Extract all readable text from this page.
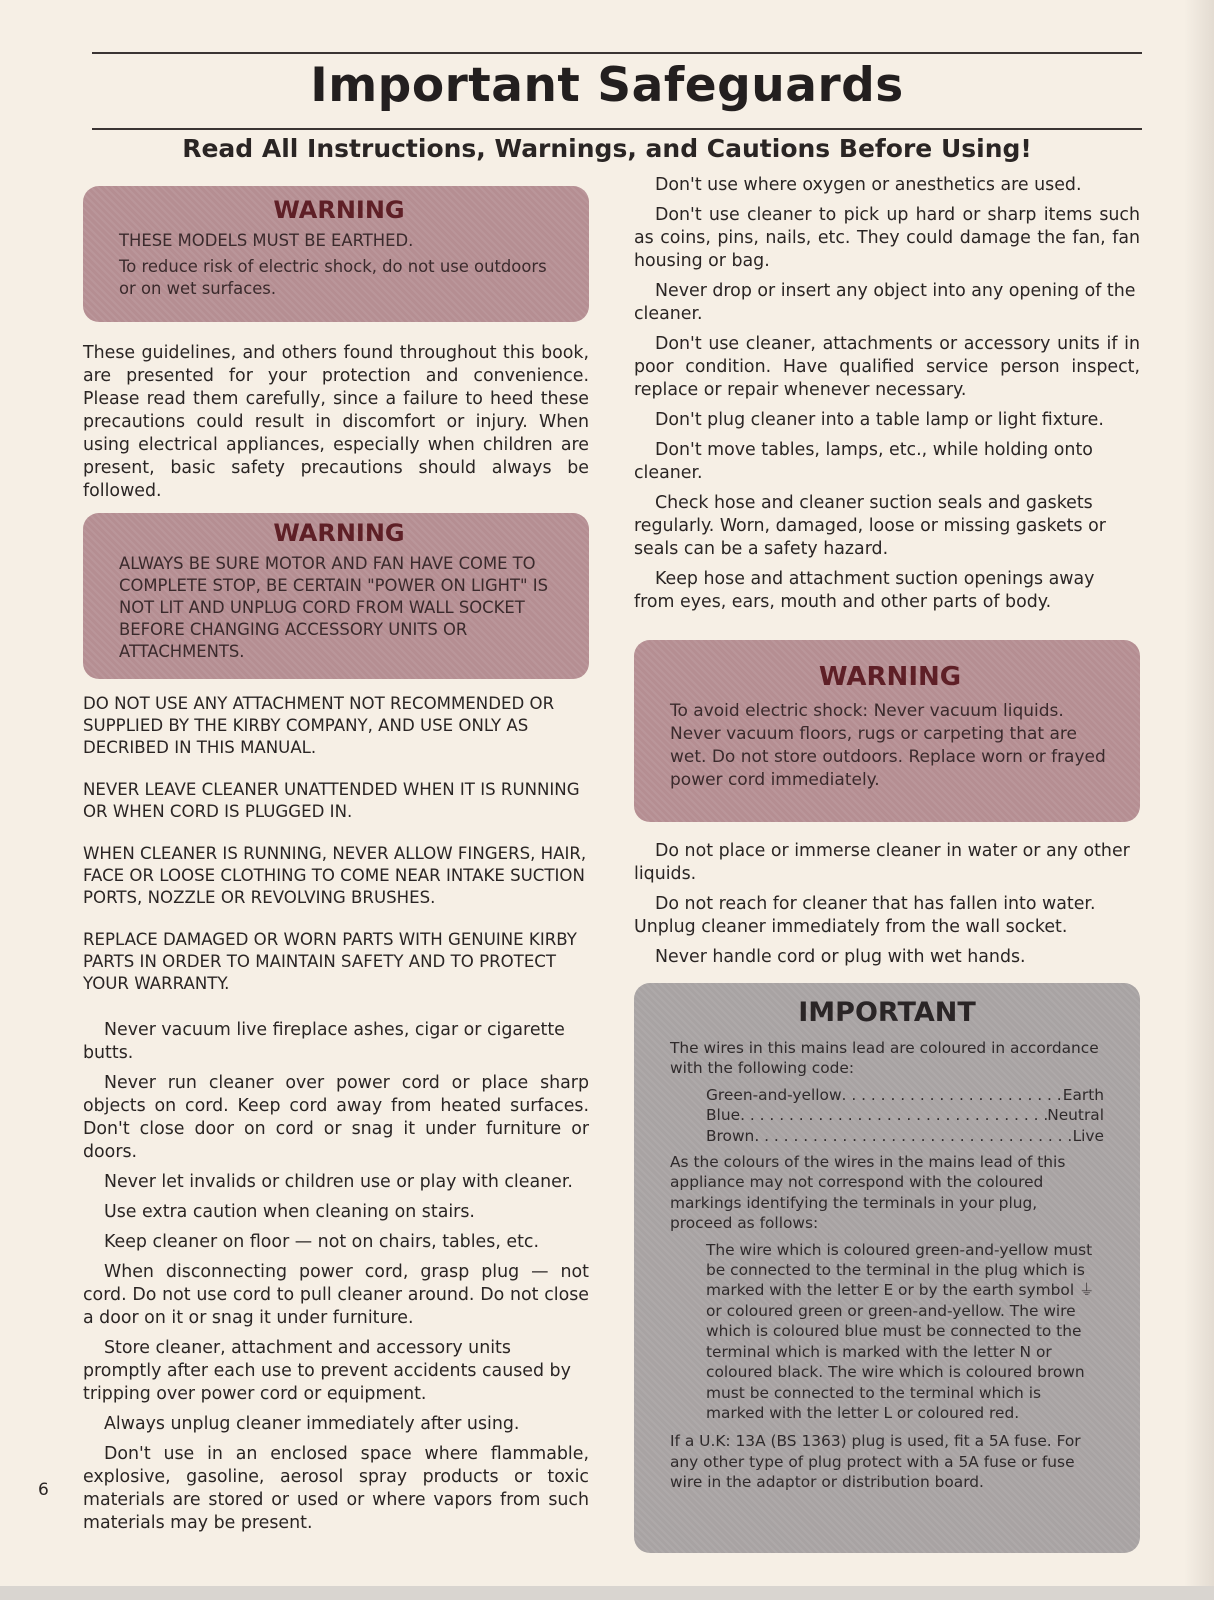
Important Safeguards
Read All Instructions, Warnings, and Cautions Before Using!
WARNING
THESE MODELS MUST BE EARTHED.
To reduce risk of electric shock, do not use outdoors or on wet surfaces.

These guidelines, and others found throughout this book, are presented for your protection and convenience. Please read them carefully, since a failure to heed these precautions could result in discomfort or injury. When using electrical appliances, especially when children are present, basic safety precautions should always be followed.

WARNING
ALWAYS BE SURE MOTOR AND FAN HAVE COME TO COMPLETE STOP, BE CERTAIN "POWER ON LIGHT" IS NOT LIT AND UNPLUG CORD FROM WALL SOCKET BEFORE CHANGING ACCESSORY UNITS OR ATTACHMENTS.

DO NOT USE ANY ATTACHMENT NOT RECOMMENDED OR SUPPLIED BY THE KIRBY COMPANY, AND USE ONLY AS DECRIBED IN THIS MANUAL.

NEVER LEAVE CLEANER UNATTENDED WHEN IT IS RUNNING OR WHEN CORD IS PLUGGED IN.

WHEN CLEANER IS RUNNING, NEVER ALLOW FINGERS, HAIR, FACE OR LOOSE CLOTHING TO COME NEAR INTAKE SUCTION PORTS, NOZZLE OR REVOLVING BRUSHES.

REPLACE DAMAGED OR WORN PARTS WITH GENUINE KIRBY PARTS IN ORDER TO MAINTAIN SAFETY AND TO PROTECT YOUR WARRANTY.

Never vacuum live fireplace ashes, cigar or cigarette butts.

Never run cleaner over power cord or place sharp objects on cord. Keep cord away from heated surfaces. Don't close door on cord or snag it under furniture or doors.

Never let invalids or children use or play with cleaner.

Use extra caution when cleaning on stairs.

Keep cleaner on floor — not on chairs, tables, etc.

When disconnecting power cord, grasp plug — not cord. Do not use cord to pull cleaner around. Do not close a door on it or snag it under furniture.

Store cleaner, attachment and accessory units promptly after each use to prevent accidents caused by tripping over power cord or equipment.

Always unplug cleaner immediately after using.

Don't use in an enclosed space where flammable, explosive, gasoline, aerosol spray products or toxic materials are stored or used or where vapors from such materials may be present.

Don't use where oxygen or anesthetics are used.

Don't use cleaner to pick up hard or sharp items such as coins, pins, nails, etc. They could damage the fan, fan housing or bag.

Never drop or insert any object into any opening of the cleaner.

Don't use cleaner, attachments or accessory units if in poor condition. Have qualified service person inspect, replace or repair whenever necessary.

Don't plug cleaner into a table lamp or light fixture.

Don't move tables, lamps, etc., while holding onto cleaner.

Check hose and cleaner suction seals and gaskets regularly. Worn, damaged, loose or missing gaskets or seals can be a safety hazard.

Keep hose and attachment suction openings away from eyes, ears, mouth and other parts of body.

WARNING
To avoid electric shock: Never vacuum liquids. Never vacuum floors, rugs or carpeting that are wet. Do not store outdoors. Replace worn or frayed power cord immediately.

Do not place or immerse cleaner in water or any other liquids.

Do not reach for cleaner that has fallen into water. Unplug cleaner immediately from the wall socket.

Never handle cord or plug with wet hands.

IMPORTANT
The wires in this mains lead are coloured in accordance with the following code:
Green-and-yellow . . .	Earth
Blue . . .	Neutral
Brown . . .	Live
As the colours of the wires in the mains lead of this appliance may not correspond with the coloured markings identifying the terminals in your plug, proceed as follows:
The wire which is coloured green-and-yellow must be connected to the terminal in the plug which is marked with the letter E or by the earth symbol ⏚ or coloured green or green-and-yellow. The wire which is coloured blue must be connected to the terminal which is marked with the letter N or coloured black. The wire which is coloured brown must be connected to the terminal which is marked with the letter L or coloured red.
If a U.K: 13A (BS 1363) plug is used, fit a 5A fuse. For any other type of plug protect with a 5A fuse or fuse wire in the adaptor or distribution board.
6
